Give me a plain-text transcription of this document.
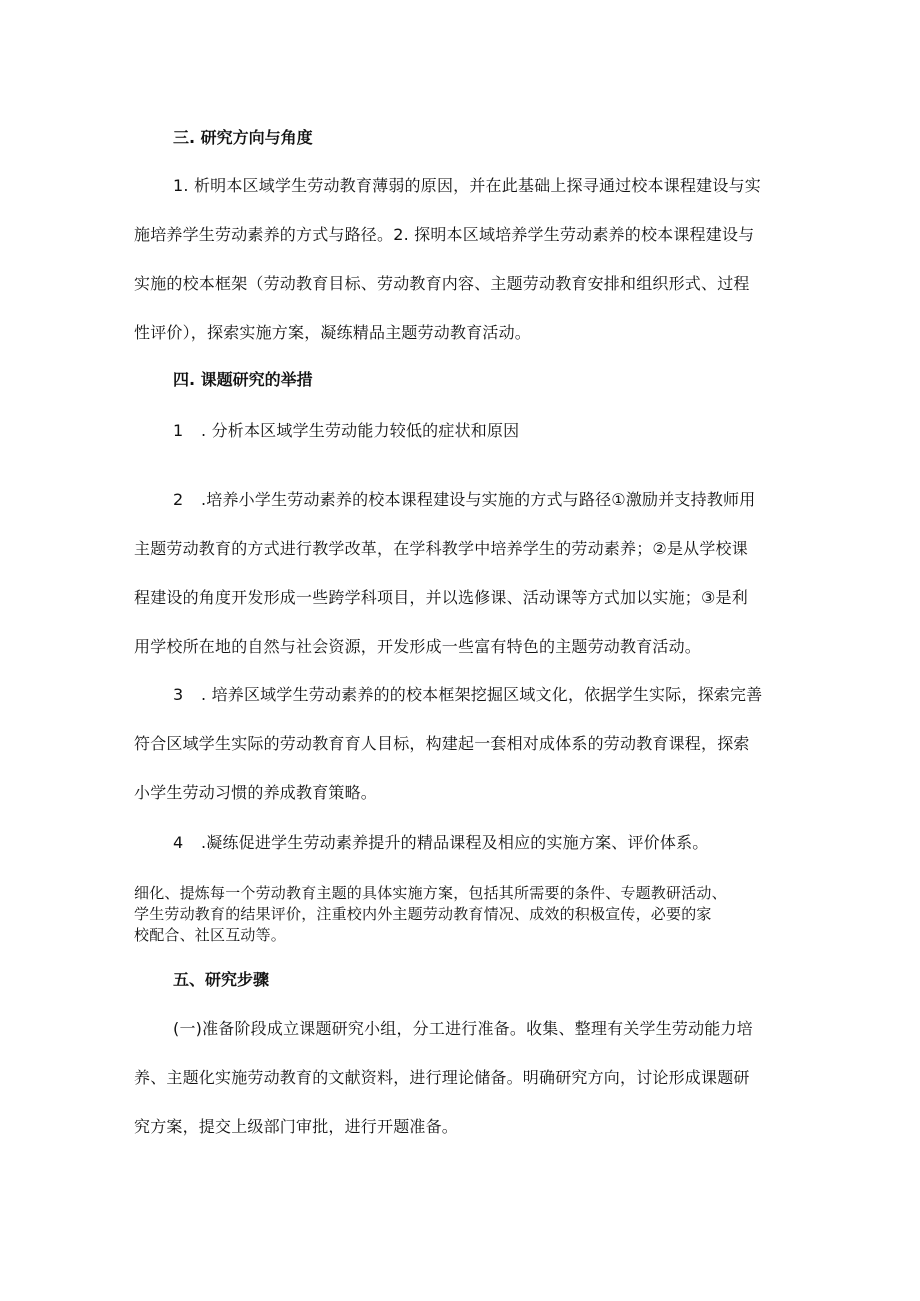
三. 研究方向与角度
1. 析明本区域学生劳动教育薄弱的原因，并在此基础上探寻通过校本课程建设与实
施培养学生劳动素养的方式与路径。2. 探明本区域培养学生劳动素养的校本课程建设与
实施的校本框架（劳动教育目标、劳动教育内容、主题劳动教育安排和组织形式、过程
性评价），探索实施方案，凝练精品主题劳动教育活动。
四. 课题研究的举措
1 . 分析本区域学生劳动能力较低的症状和原因
2 .培养小学生劳动素养的校本课程建设与实施的方式与路径①激励并支持教师用
主题劳动教育的方式进行教学改革，在学科教学中培养学生的劳动素养；②是从学校课
程建设的角度开发形成一些跨学科项目，并以选修课、活动课等方式加以实施；③是利
用学校所在地的自然与社会资源，开发形成一些富有特色的主题劳动教育活动。
3 . 培养区域学生劳动素养的的校本框架挖掘区域文化，依据学生实际，探索完善
符合区域学生实际的劳动教育育人目标，构建起一套相对成体系的劳动教育课程，探索
小学生劳动习惯的养成教育策略。
4 .凝练促进学生劳动素养提升的精品课程及相应的实施方案、评价体系。
细化、提炼每一个劳动教育主题的具体实施方案，包括其所需要的条件、专题教研活动、
学生劳动教育的结果评价，注重校内外主题劳动教育情况、成效的积极宣传，必要的家
校配合、社区互动等。
五、研究步骤
(一)准备阶段成立课题研究小组，分工进行准备。收集、整理有关学生劳动能力培
养、主题化实施劳动教育的文献资料，进行理论储备。明确研究方向，讨论形成课题研
究方案，提交上级部门审批，进行开题准备。
